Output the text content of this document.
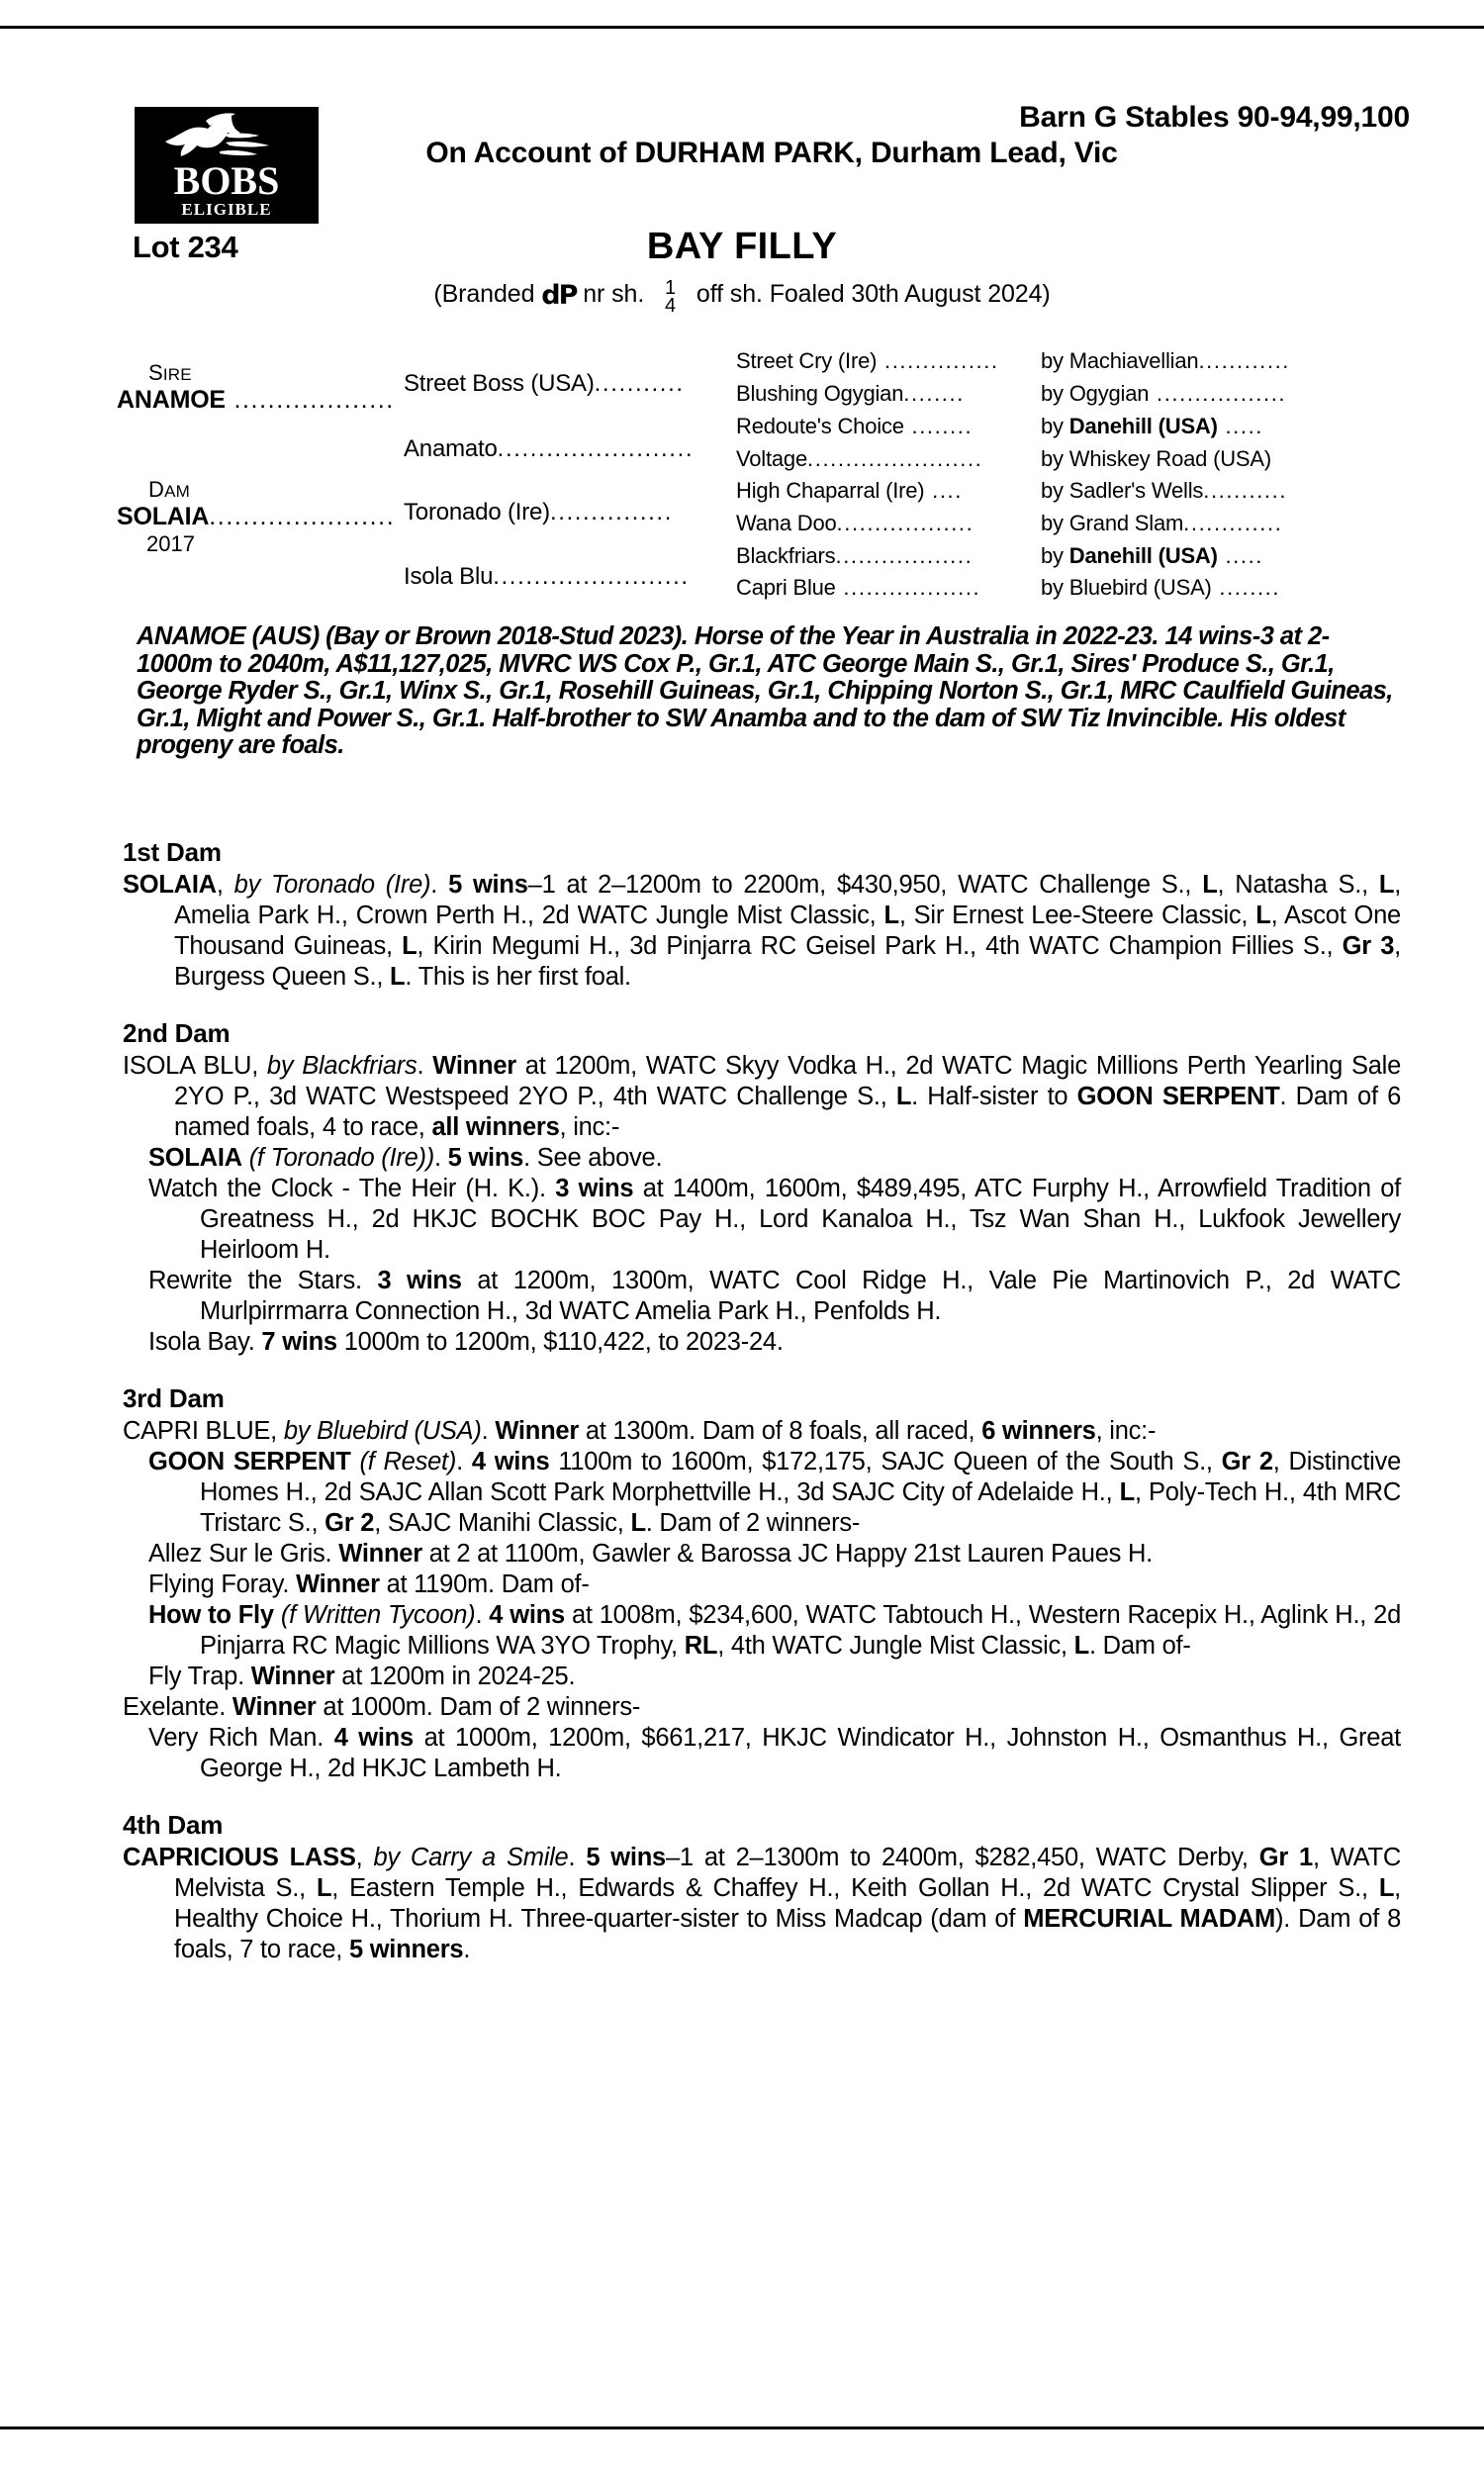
BOBS
ELIGIBLE
Lot 234
Barn G Stables 90-94,99,100
On Account of DURHAM PARK, Durham Lead, Vic
BAY FILLY
(Branded dP nr sh. 1
4 off sh. Foaled 30th August 2024)
SIRE
ANAMOE ...................
DAM
SOLAIA......................
2017
Street Boss (USA)...........
Anamato........................
Toronado (Ire)...............
Isola Blu........................
Street Cry (Ire) ...............
Blushing Ogygian........
Redoute's Choice ........
Voltage.......................
High Chaparral (Ire) ....
Wana Doo..................
Blackfriars..................
Capri Blue ..................
by Machiavellian............
by Ogygian .................
by Danehill (USA) .....
by Whiskey Road (USA)
by Sadler's Wells...........
by Grand Slam.............
by Danehill (USA) .....
by Bluebird (USA) ........
ANAMOE (AUS) (Bay or Brown 2018-Stud 2023). Horse of the Year in Australia in 2022-23. 14 wins-3 at 2-1000m to 2040m, A$11,127,025, MVRC WS Cox P., Gr.1, ATC George Main S., Gr.1, Sires' Produce S., Gr.1, George Ryder S., Gr.1, Winx S., Gr.1, Rosehill Guineas, Gr.1, Chipping Norton S., Gr.1, MRC Caulfield Guineas, Gr.1, Might and Power S., Gr.1. Half-brother to SW Anamba and to the dam of SW Tiz Invincible. His oldest progeny are foals.
1st Dam

SOLAIA, by Toronado (Ire). 5 wins–1 at 2–1200m to 2200m, $430,950, WATC Challenge S., L, Natasha S., L, Amelia Park H., Crown Perth H., 2d WATC Jungle Mist Classic, L, Sir Ernest Lee-Steere Classic, L, Ascot One Thousand Guineas, L, Kirin Megumi H., 3d Pinjarra RC Geisel Park H., 4th WATC Champion Fillies S., Gr 3, Burgess Queen S., L. This is her first foal.

2nd Dam

ISOLA BLU, by Blackfriars. Winner at 1200m, WATC Skyy Vodka H., 2d WATC Magic Millions Perth Yearling Sale 2YO P., 3d WATC Westspeed 2YO P., 4th WATC Challenge S., L. Half-sister to GOON SERPENT. Dam of 6 named foals, 4 to race, all winners, inc:-

SOLAIA (f Toronado (Ire)). 5 wins. See above.

Watch the Clock - The Heir (H. K.). 3 wins at 1400m, 1600m, $489,495, ATC Furphy H., Arrowfield Tradition of Greatness H., 2d HKJC BOCHK BOC Pay H., Lord Kanaloa H., Tsz Wan Shan H., Lukfook Jewellery Heirloom H.

Rewrite the Stars. 3 wins at 1200m, 1300m, WATC Cool Ridge H., Vale Pie Martinovich P., 2d WATC Murlpirrmarra Connection H., 3d WATC Amelia Park H., Penfolds H.

Isola Bay. 7 wins 1000m to 1200m, $110,422, to 2023-24.

3rd Dam

CAPRI BLUE, by Bluebird (USA). Winner at 1300m. Dam of 8 foals, all raced, 6 winners, inc:-

GOON SERPENT (f Reset). 4 wins 1100m to 1600m, $172,175, SAJC Queen of the South S., Gr 2, Distinctive Homes H., 2d SAJC Allan Scott Park Morphettville H., 3d SAJC City of Adelaide H., L, Poly-Tech H., 4th MRC Tristarc S., Gr 2, SAJC Manihi Classic, L. Dam of 2 winners-

Allez Sur le Gris. Winner at 2 at 1100m, Gawler & Barossa JC Happy 21st Lauren Paues H.

Flying Foray. Winner at 1190m. Dam of-

How to Fly (f Written Tycoon). 4 wins at 1008m, $234,600, WATC Tabtouch H., Western Racepix H., Aglink H., 2d Pinjarra RC Magic Millions WA 3YO Trophy, RL, 4th WATC Jungle Mist Classic, L. Dam of-

Fly Trap. Winner at 1200m in 2024-25.

Exelante. Winner at 1000m. Dam of 2 winners-

Very Rich Man. 4 wins at 1000m, 1200m, $661,217, HKJC Windicator H., Johnston H., Osmanthus H., Great George H., 2d HKJC Lambeth H.

4th Dam

CAPRICIOUS LASS, by Carry a Smile. 5 wins–1 at 2–1300m to 2400m, $282,450, WATC Derby, Gr 1, WATC Melvista S., L, Eastern Temple H., Edwards & Chaffey H., Keith Gollan H., 2d WATC Crystal Slipper S., L, Healthy Choice H., Thorium H. Three-quarter-sister to Miss Madcap (dam of MERCURIAL MADAM). Dam of 8 foals, 7 to race, 5 winners.
